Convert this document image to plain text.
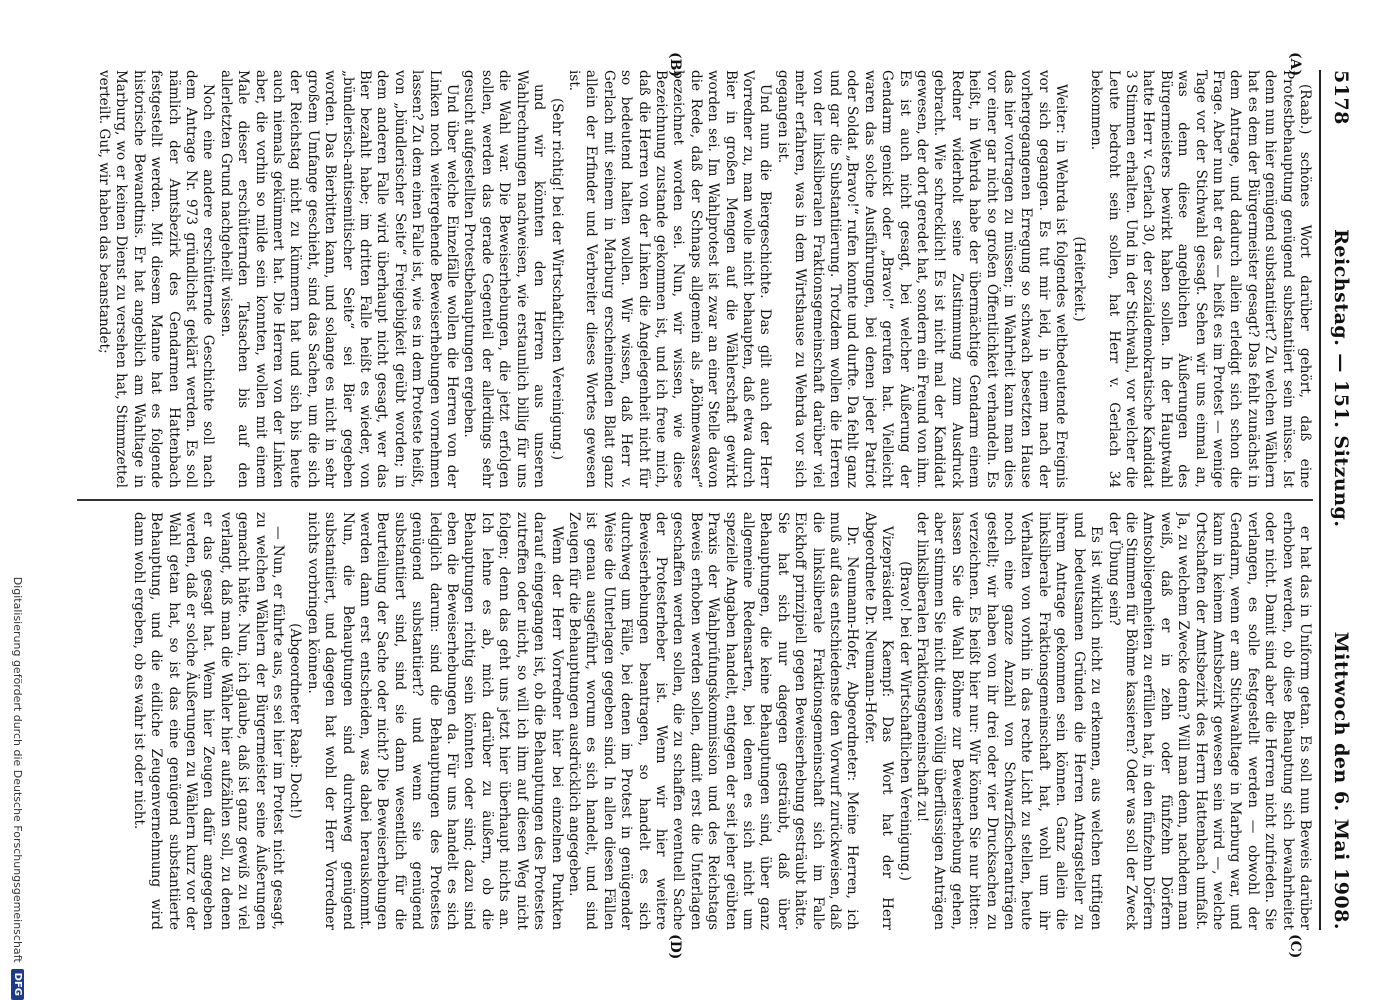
5178
Reichstag. — 151. Sitzung.
Mittwoch den 6. Mai 1908.
(A)
(B)
(C)
(D)

(Raab.) schönes Wort darüber gehört, daß eine Protestbehauptung genügend substantiiert sein müsse. Ist denn nun hier genügend substantiiert? Zu welchen Wählern hat es dem der Bürgermeister gesagt? Das fehlt zunächst in dem Antrage, und dadurch allein erledigt sich schon die Frage. Aber nun hat er das — heißt es im Protest — wenige Tage vor der Stichwahl gesagt. Sehen wir uns einmal an, was denn diese angeblichen Äußerungen des Bürgermeisters bewirkt haben sollen. In der Hauptwahl hatte Herr v. Gerlach 30, der sozialdemokratische Kandidat 3 Stimmen erhalten. Und in der Stichwahl, vor welcher die Leute bedroht sein sollen, hat Herr v. Gerlach 34 bekommen.

(Heiterkeit.)

Weiter: in Wehrda ist folgendes weltbedeutende Ereignis vor sich gegangen. Es tut mir leid, in einem nach der vorhergegangenen Erregung so schwach besetzten Hause das hier vortragen zu müssen; in Wahrheit kann man dies vor einer gar nicht so großen Öffentlichkeit verhandeln. Es heißt, in Wehrda habe der übermächtige Gendarm einem Redner widerholt seine Zustimmung zum Ausdruck gebracht. Wie schrecklich! Es ist nicht mal der Kandidat gewesen, der dort geredet hat, sondern ein Freund von ihm. Es ist auch nicht gesagt, bei welcher Äußerung der Gendarm genickt oder „Bravo!“ gerufen hat. Vielleicht waren das solche Ausführungen, bei denen jeder Patriot oder Soldat „Bravo!“ rufen konnte und durfte. Da fehlt ganz und gar die Substantiierung. Trotzdem wollen die Herren von der linksliberalen Fraktionsgemeinschaft darüber viel mehr erfahren, was in dem Wirtshause zu Wehrda vor sich gegangen ist.

Und nun die Biergeschichte. Das gilt auch der Herr Vorredner zu, man wolle nicht behaupten, daß etwa durch Bier in großen Mengen auf die Wählerschaft gewirkt worden sei. Im Wahlprotest ist zwar an einer Stelle davon die Rede, daß der Schnaps allgemein als „Böhmewasser“ bezeichnet worden sei. Nun, wir wissen, wie diese Bezeichnung zustande gekommen ist, und ich freue mich, daß die Herren von der Linken die Angelegenheit nicht für so bedeutend halten wollen. Wir wissen, daß Herr v. Gerlach mit seinem in Marburg erscheinenden Blatt ganz allein der Erfinder und Verbreiter dieses Wortes gewesen ist.

(Sehr richtig! bei der Wirtschaftlichen Vereinigung.)

und wir könnten den Herren aus unseren Wahlrechnungen nachweisen, wie erstaunlich billig für uns die Wahl war. Die Beweiserhebungen, die jetzt erfolgen sollen, werden das gerade Gegenteil der allerdings sehr gesucht aufgestellten Protestbehauptungen ergeben.

Und über welche Einzelfälle wollen die Herren von der Linken noch weitergehende Beweiserhebungen vornehmen lassen? Zu dem einen Falle ist, wie es in dem Proteste heißt, von „bündlerischer Seite“ Freigebigkeit geübt worden; in dem anderen Falle wird überhaupt nicht gesagt, wer das Bier bezahlt habe; im dritten Falle heißt es wieder, von „bündlerisch-antisemitischer Seite“ sei Bier gegeben worden. Das Bierbitten kann, und solange es nicht in sehr großem Umfange geschieht, sind das Sachen, um die sich der Reichstag nicht zu kümmern hat und sich bis heute auch niemals gekümmert hat. Die Herren von der Linken aber, die vorhin so milde sein konnten, wollen mit einem Male dieser erschütternden Tatsachen bis auf den allerletzten Grund nachgeheilt wissen.

Noch eine andere erschütternde Geschichte soll nach dem Antrage Nr. 973 gründlichst geklärt werden. Es soll nämlich der Amtsbezirk des Gendarmen Hattenbach festgestellt werden. Mit diesem Manne hat es folgende historische Bewandtnis. Er hat angeblich am Wahltage in Marburg, wo er keinen Dienst zu versehen hat, Stimmzettel verteilt. Gut, wir haben das beanstandet;

er hat das in Uniform getan. Es soll nun Beweis darüber erhoben werden, ob diese Behauptung sich bewahrheitet oder nicht. Damit sind aber die Herren nicht zufrieden. Sie verlangen, es solle festgestellt werden — obwohl der Gendarm, wenn er am Stichwahltage in Marburg war, und kann in keinem Amtsbezirk gewesen sein wird —, welche Ortschaften der Amtsbezirk des Herrn Hattenbach umfaßt. Ja, zu welchem Zwecke denn? Will man denn, nachdem man weiß, daß er in zehn oder fünfzehn Dörfern Amtsobliegenheiten zu erfüllen hat, in den fünfzehn Dörfern die Stimmen für Böhme kassieren? Oder was soll der Zweck der Übung sein?

Es ist wirklich nicht zu erkennen, aus welchen triftigen und bedeutsamen Gründen die Herren Antragsteller zu ihrem Antrage gekommen sein können. Ganz allein die linksliberale Fraktionsgemeinschaft hat, wohl um ihr Verhalten von vorhin in das rechte Licht zu stellen, heute noch eine ganze Anzahl von Schwarzfischeranträgen gestellt; wir haben von ihr drei oder vier Drucksachen zu verzeichnen. Es heißt hier nur: Wir können Sie nur bitten: lassen Sie die Wahl Böhme zur Beweiserhebung gehen, aber stimmen Sie nicht diesen völlig überflüssigen Anträgen der linksliberalen Fraktionsgemeinschaft zu!

(Bravo! bei der Wirtschaftlichen Vereinigung.)

Vizepräsident Kaempf: Das Wort hat der Herr Abgeordnete Dr. Neumann-Hofer.

Dr. Neumann-Hofer, Abgeordneter: Meine Herren, ich muß auf das entschiedenste den Vorwurf zurückweisen, daß die linksliberale Fraktionsgemeinschaft sich im Falle Eickhoff prinzipiell gegen Beweiserhebung gesträubt hätte. Sie hat sich nur dagegen gesträubt, daß über Behauptungen, die keine Behauptungen sind, über ganz allgemeine Redensarten, bei denen es sich nicht um spezielle Angaben handelt, entgegen der seit jeher geübten Praxis der Wahlprüfungskommission und des Reichstags Beweis erhoben werden sollen, damit erst die Unterlagen geschaffen werden sollen, die zu schaffen eventuell Sache der Protesterheber ist. Wenn wir hier weitere Beweiserhebungen beantragen, so handelt es sich durchweg um Fälle, bei denen im Protest in genügender Weise die Unterlagen gegeben sind. In allen diesen Fällen ist genau ausgeführt, worum es sich handelt, und sind Zeugen für die Behauptungen ausdrücklich angegeben.

Wenn der Herr Vorredner hier bei einzelnen Punkten darauf eingegangen ist, ob die Behauptungen des Protestes zutreffen oder nicht, so will ich ihm auf diesen Weg nicht folgen; denn das geht uns jetzt hier überhaupt nichts an. Ich lehne es ab, mich darüber zu äußern, ob die Behauptungen richtig sein könnten oder sind; dazu sind eben die Beweiserhebungen da. Für uns handelt es sich lediglich darum: sind die Behauptungen des Protestes genügend substantiiert? und wenn sie genügend substantiiert sind, sind sie dann wesentlich für die Beurteilung der Sache oder nicht? Die Beweiserhebungen werden dann erst entscheiden, was dabei herauskommt. Nun, die Behauptungen sind durchweg genügend substantiiert, und dagegen hat wohl der Herr Vorredner nichts vorbringen können.

(Abgeordneter Raab: Doch!)

— Nun, er führte aus, es sei hier im Protest nicht gesagt, zu welchen Wählern der Bürgermeister seine Äußerungen gemacht hätte. Nun, ich glaube, daß ist ganz gewiß zu viel verlangt, daß man die Wähler hier aufzählen soll, zu denen er das gesagt hat. Wenn hier Zeugen dafür angegeben werden, daß er solche Äußerungen zu Wählern kurz vor der Wahl getan hat, so ist das eine genügend substantiierte Behauptung, und die eidliche Zeugenvernehmung wird dann wohl ergeben, ob es wahr ist oder nicht.

Digitalisierung gefördert durch die Deutsche Forschungsgemeinschaft
DFG
